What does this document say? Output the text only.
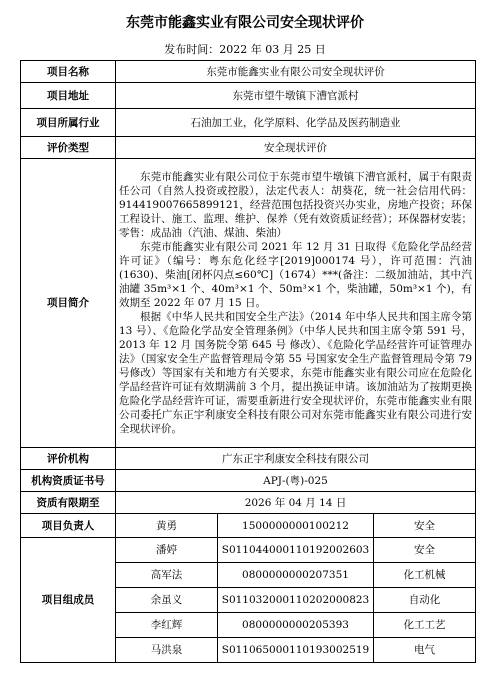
东莞市能鑫实业有限公司安全现状评价
发布时间：2022 年 03 月 25 日
项目名称	东莞市能鑫实业有限公司安全现状评价		
项目地址	东莞市望牛墩镇下漕官派村		
项目所属行业	石油加工业，化学原料、化学品及医药制造业		
评价类型	安全现状评价		
项目简介	东莞市能鑫实业有限公司位于东莞市望牛墩镇下漕官派村，属于有限责任公司（自然人投资或控股），法定代表人：胡葵花，统一社会信用代码：914419007665899121，经营范围包括投资兴办实业，房地产投资；环保工程设计、施工、监理、维护、保养（凭有效资质证经营）；环保器材安装；零售：成品油（汽油、煤油、柴油）

东莞市能鑫实业有限公司 2021 年 12 月 31 日取得《危险化学品经营许可证》（编号：粤东危化经字[2019]000174 号），许可范围：汽油(1630)、柴油[闭杯闪点≤60℃]（1674）***(备注：二级加油站，其中汽油罐 35m³×1 个、40m³×1 个、50m³×1 个，柴油罐，50m³×1 个)，有效期至 2022 年 07 月 15 日。

根据《中华人民共和国安全生产法》（2014 年中华人民共和国主席令第 13 号）、《危险化学品安全管理条例》（中华人民共和国主席令第 591 号，2013 年 12 月 国务院令第 645 号 修改）、《危险化学品经营许可证管理办法》（国家安全生产监督管理局令第 55 号国家安全生产监督管理局令第 79 号修改）等国家有关和地方有关要求，东莞市能鑫实业有限公司应在危险化学品经营许可证有效期满前 3 个月，提出换证申请。该加油站为了按期更换危险化学品经营许可证，需要重新进行安全现状评价，东莞市能鑫实业有限公司委托广东正宇利康安全科技有限公司对东莞市能鑫实业有限公司进行安全现状评价。		

评价机构	广东正宇利康安全科技有限公司		
机构资质证书号	APJ-(粤)-025		
资质有限期至	2026 年 04 月 14 日		
项目负责人	黄勇	1500000000100212	安全
项目组成员	潘婷	S011044000110192002603	安全
	高军法	0800000000207351	化工机械
	余虽义	S011032000110202000823	自动化
	李红辉	0800000000205393	化工工艺
	马洪泉	S011065000110193002519	电气
